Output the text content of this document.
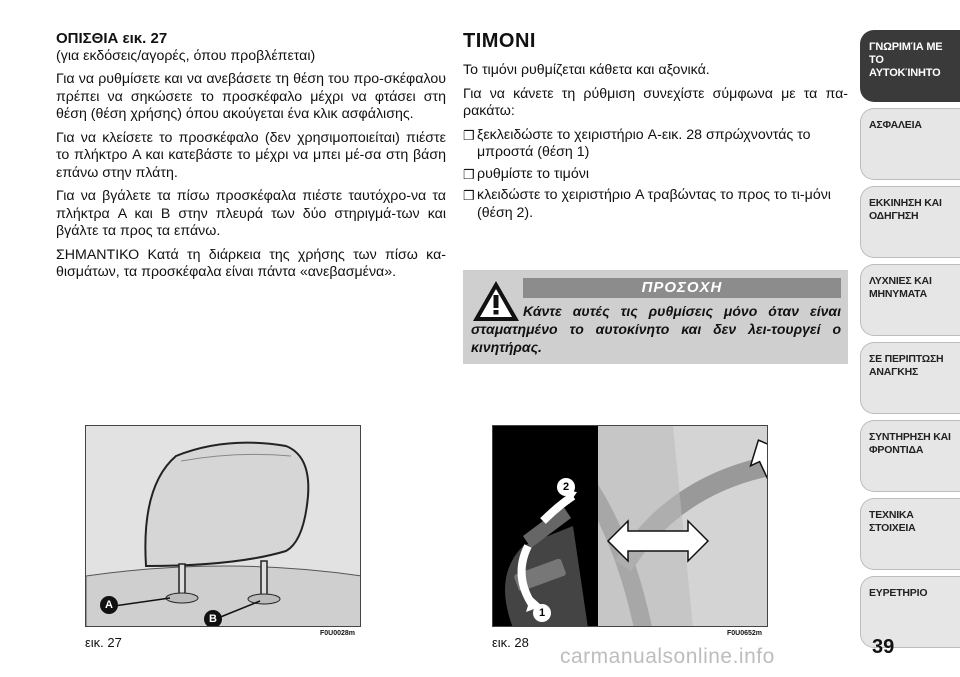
ΟΠΙΣΘΙΑ εικ. 27

(για εκδόσεις/αγορές, όπου προβλέπεται)

Για να ρυθμίσετε και να ανεβάσετε τη θέση του προ-σκέφαλου πρέπει να σηκώσετε το προσκέφαλο μέχρι να φτάσει στη θέση (θέση χρήσης) όπου ακούγεται ένα κλικ ασφάλισης.

Για να κλείσετε το προσκέφαλο (δεν χρησιμοποιείται) πιέστε το πλήκτρο A και κατεβάστε το μέχρι να μπει μέ-σα στη βάση επάνω στην πλάτη.

Για να βγάλετε τα πίσω προσκέφαλα πιέστε ταυτόχρο-να τα πλήκτρα A και B στην πλευρά των δύο στηριγμά-των και βγάλτε τα προς τα επάνω.

ΣΗΜΑΝΤΙΚΟ Κατά τη διάρκεια της χρήσης των πίσω κα-θισμάτων, τα προσκέφαλα είναι πάντα «ανεβασμένα».

ΤΙΜΟΝΙ

Το τιμόνι ρυθμίζεται κάθετα και αξονικά.

Για να κάνετε τη ρύθμιση συνεχίστε σύμφωνα με τα πα-ρακάτω:

❒ ξεκλειδώστε το χειριστήριο A-εικ. 28 σπρώχνοντάς το μπροστά (θέση 1)
❒ ρυθμίστε το τιμόνι
❒ κλειδώστε το χειριστήριο A τραβώντας το προς το τι-μόνι (θέση 2).
ΠΡΟΣΟΧΗ
Κάντε αυτές τις ρυθμίσεις μόνο όταν είναι σταματημένο το αυτοκίνητο και δεν λει-τουργεί ο κινητήρας.
A
B
εικ. 27
F0U0028m
2
1
εικ. 28
F0U0652m
ΓΝΩΡΙΜΊΑ ΜΕ ΤΟ
ΑΥΤΟΚΊΝΗΤΟ
ΑΣΦΑΛΕΙΑ
ΕΚΚΙΝΗΣΗ ΚΑΙ
ΟΔΗΓΗΣΗ
ΛΥΧΝΙΕΣ ΚΑΙ
ΜΗΝΥΜΑΤΑ
ΣΕ ΠΕΡΙΠΤΩΣΗ
ΑΝΑΓΚΗΣ
ΣΥΝΤΗΡΗΣΗ ΚΑΙ
ΦΡΟΝΤΙΔΑ
ΤΕΧΝΙΚΑ ΣΤΟΙΧΕΙΑ
ΕΥΡΕΤΗΡΙΟ
39
carmanualsonline.info
